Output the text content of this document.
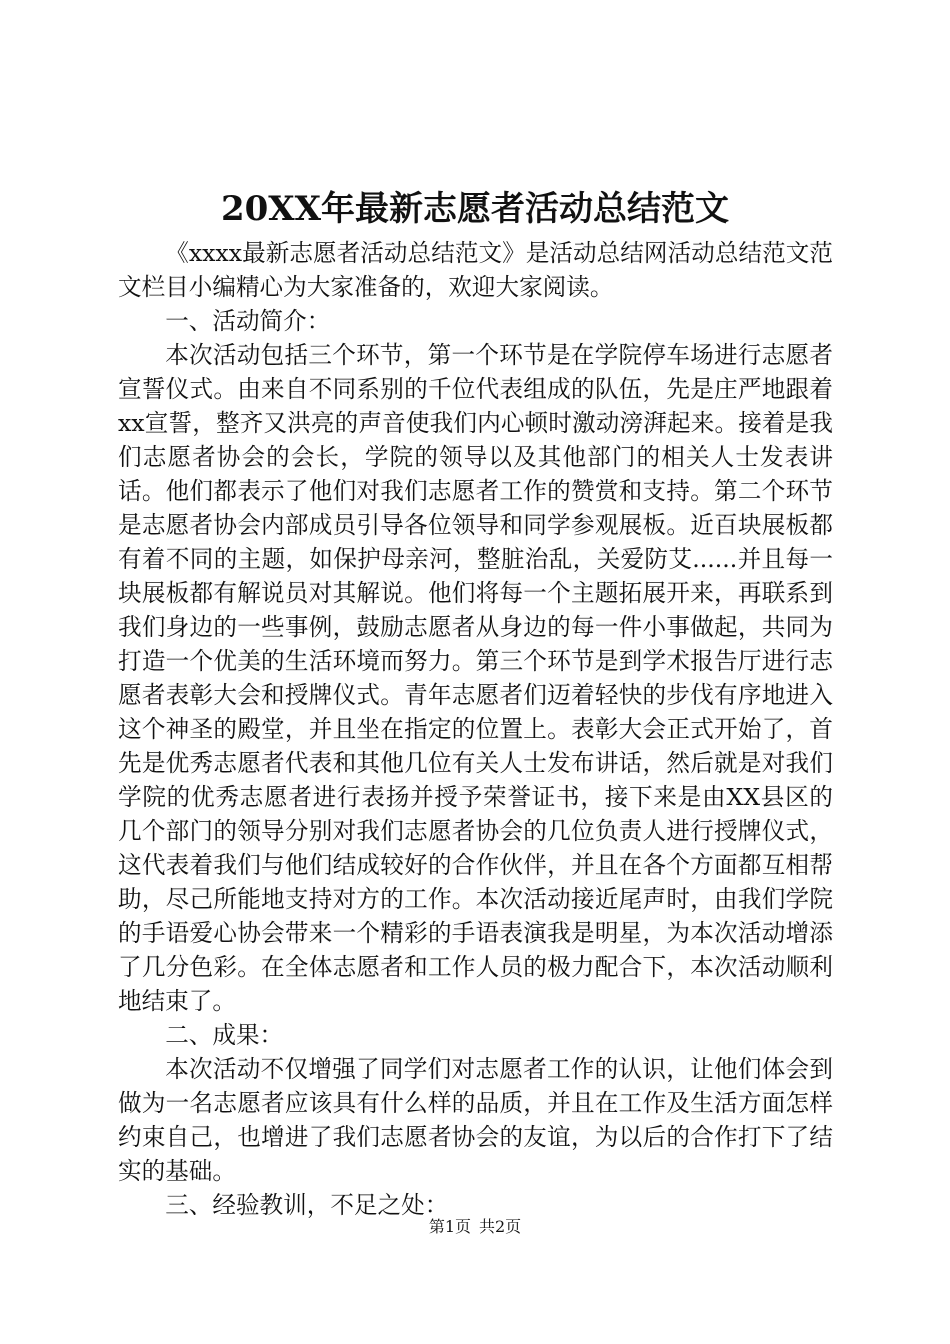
20XX年最新志愿者活动总结范文

《xxxx最新志愿者活动总结范文》是活动总结网活动总结范文范文栏目小编精心为大家准备的，欢迎大家阅读。

一、活动简介：

本次活动包括三个环节，第一个环节是在学院停车场进行志愿者宣誓仪式。由来自不同系别的千位代表组成的队伍，先是庄严地跟着xx宣誓，整齐又洪亮的声音使我们内心顿时激动滂湃起来。接着是我们志愿者协会的会长，学院的领导以及其他部门的相关人士发表讲话。他们都表示了他们对我们志愿者工作的赞赏和支持。第二个环节是志愿者协会内部成员引导各位领导和同学参观展板。近百块展板都有着不同的主题，如保护母亲河，整脏治乱，关爱防艾......并且每一块展板都有解说员对其解说。他们将每一个主题拓展开来，再联系到我们身边的一些事例，鼓励志愿者从身边的每一件小事做起，共同为打造一个优美的生活环境而努力。第三个环节是到学术报告厅进行志愿者表彰大会和授牌仪式。青年志愿者们迈着轻快的步伐有序地进入这个神圣的殿堂，并且坐在指定的位置上。表彰大会正式开始了，首先是优秀志愿者代表和其他几位有关人士发布讲话，然后就是对我们学院的优秀志愿者进行表扬并授予荣誉证书，接下来是由XX县区的几个部门的领导分别对我们志愿者协会的几位负责人进行授牌仪式，这代表着我们与他们结成较好的合作伙伴，并且在各个方面都互相帮助，尽己所能地支持对方的工作。本次活动接近尾声时，由我们学院的手语爱心协会带来一个精彩的手语表演我是明星，为本次活动增添了几分色彩。在全体志愿者和工作人员的极力配合下，本次活动顺利地结束了。

二、成果：

本次活动不仅增强了同学们对志愿者工作的认识，让他们体会到做为一名志愿者应该具有什么样的品质，并且在工作及生活方面怎样约束自己，也增进了我们志愿者协会的友谊，为以后的合作打下了结实的基础。

三、经验教训，不足之处：

第1页 共2页
